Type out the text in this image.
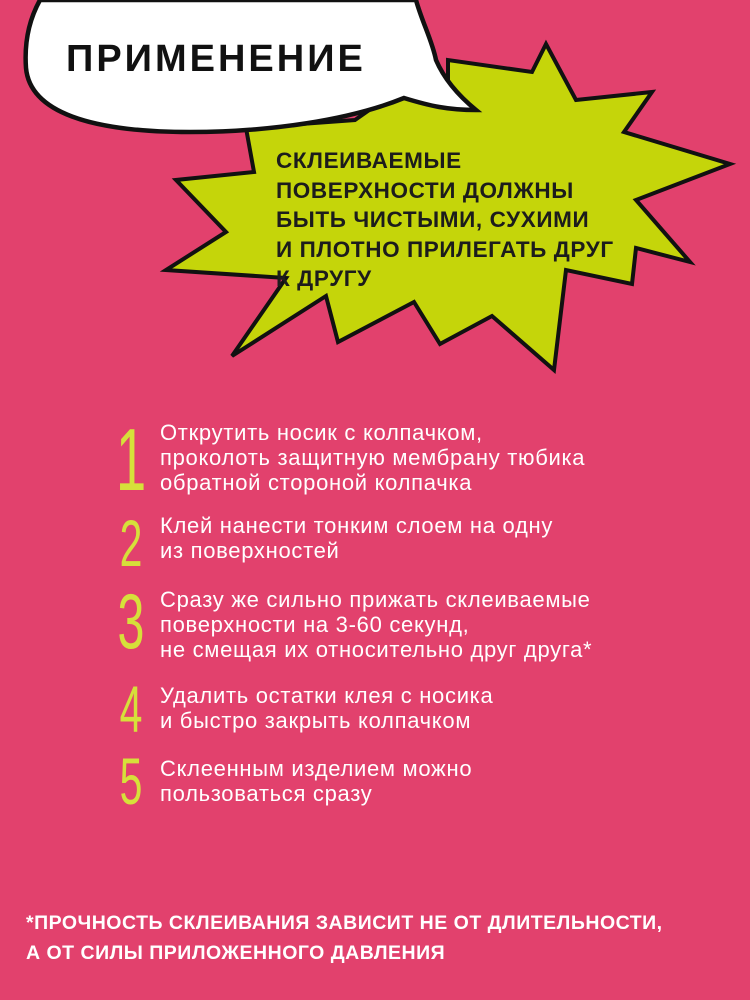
ПРИМЕНЕНИЕ
СКЛЕИВАЕМЫЕ
ПОВЕРХНОСТИ ДОЛЖНЫ
БЫТЬ ЧИСТЫМИ, СУХИМИ
И ПЛОТНО ПРИЛЕГАТЬ ДРУГ
К ДРУГУ
1 Открутить носик с колпачком,
проколоть защитную мембрану тюбика
обратной стороной колпачка
2 Клей нанести тонким слоем на одну
из поверхностей
3 Сразу же сильно прижать склеиваемые
поверхности на 3-60 секунд,
не смещая их относительно друг друга*
4 Удалить остатки клея с носика
и быстро закрыть колпачком
5 Склеенным изделием можно
пользоваться сразу
*ПРОЧНОСТЬ СКЛЕИВАНИЯ ЗАВИСИТ НЕ ОТ ДЛИТЕЛЬНОСТИ,
А ОТ СИЛЫ ПРИЛОЖЕННОГО ДАВЛЕНИЯ
